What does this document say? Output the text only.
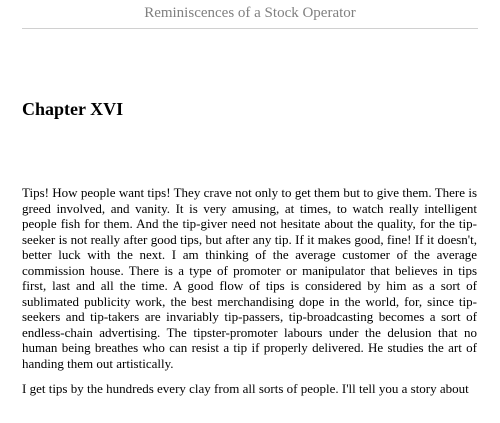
Reminiscences of a Stock Operator
Chapter XVI

Tips! How people want tips! They crave not only to get them but to give them. There is greed involved, and vanity. It is very amusing, at times, to watch really intelligent people fish for them. And the tip-giver need not hesitate about the quality, for the tip-seeker is not really after good tips, but after any tip. If it makes good, fine! If it doesn't, better luck with the next. I am thinking of the average customer of the average commission house. There is a type of promoter or manipulator that believes in tips first, last and all the time. A good flow of tips is considered by him as a sort of sublimated publicity work, the best merchandising dope in the world, for, since tip-seekers and tip-takers are invariably tip-passers, tip-broadcasting becomes a sort of endless-chain advertising. The tipster-promoter labours under the delusion that no human being breathes who can resist a tip if properly delivered. He studies the art of handing them out artistically.

I get tips by the hundreds every clay from all sorts of people. I'll tell you a story about
